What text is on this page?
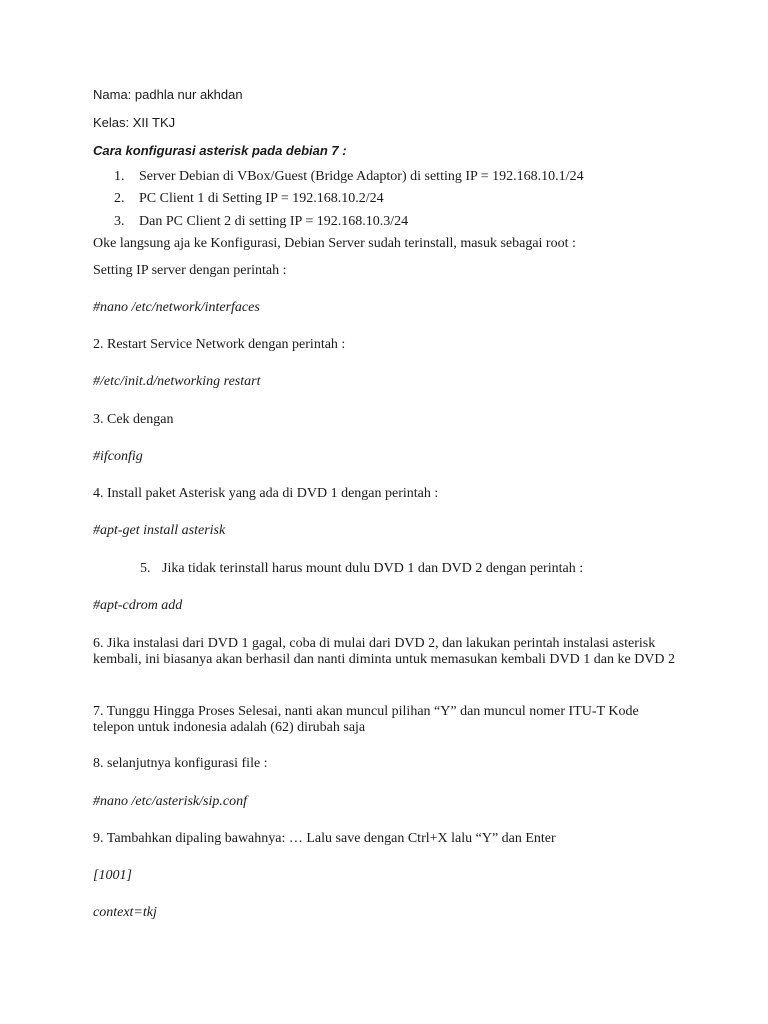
Nama: padhla nur akhdan

Kelas: XII TKJ

Cara konfigurasi asterisk pada debian 7 :

1. Server Debian di VBox/Guest (Bridge Adaptor) di setting IP = 192.168.10.1/24
2. PC Client 1 di Setting IP = 192.168.10.2/24
3. Dan PC Client 2 di setting IP = 192.168.10.3/24

Oke langsung aja ke Konfigurasi, Debian Server sudah terinstall, masuk sebagai root :

Setting IP server dengan perintah :

#nano /etc/network/interfaces

2. Restart Service Network dengan perintah :

#/etc/init.d/networking restart

3. Cek dengan

#ifconfig

4. Install paket Asterisk yang ada di DVD 1 dengan perintah :

#apt-get install asterisk

5. Jika tidak terinstall harus mount dulu DVD 1 dan DVD 2 dengan perintah :

#apt-cdrom add

6. Jika instalasi dari DVD 1 gagal, coba di mulai dari DVD 2, dan lakukan perintah instalasi asterisk kembali, ini biasanya akan berhasil dan nanti diminta untuk memasukan kembali DVD 1 dan ke DVD 2

7. Tunggu Hingga Proses Selesai, nanti akan muncul pilihan “Y” dan muncul nomer ITU-T Kode telepon untuk indonesia adalah (62) dirubah saja

8. selanjutnya konfigurasi file :

#nano /etc/asterisk/sip.conf

9. Tambahkan dipaling bawahnya: … Lalu save dengan Ctrl+X lalu “Y” dan Enter

[1001]

context=tkj
